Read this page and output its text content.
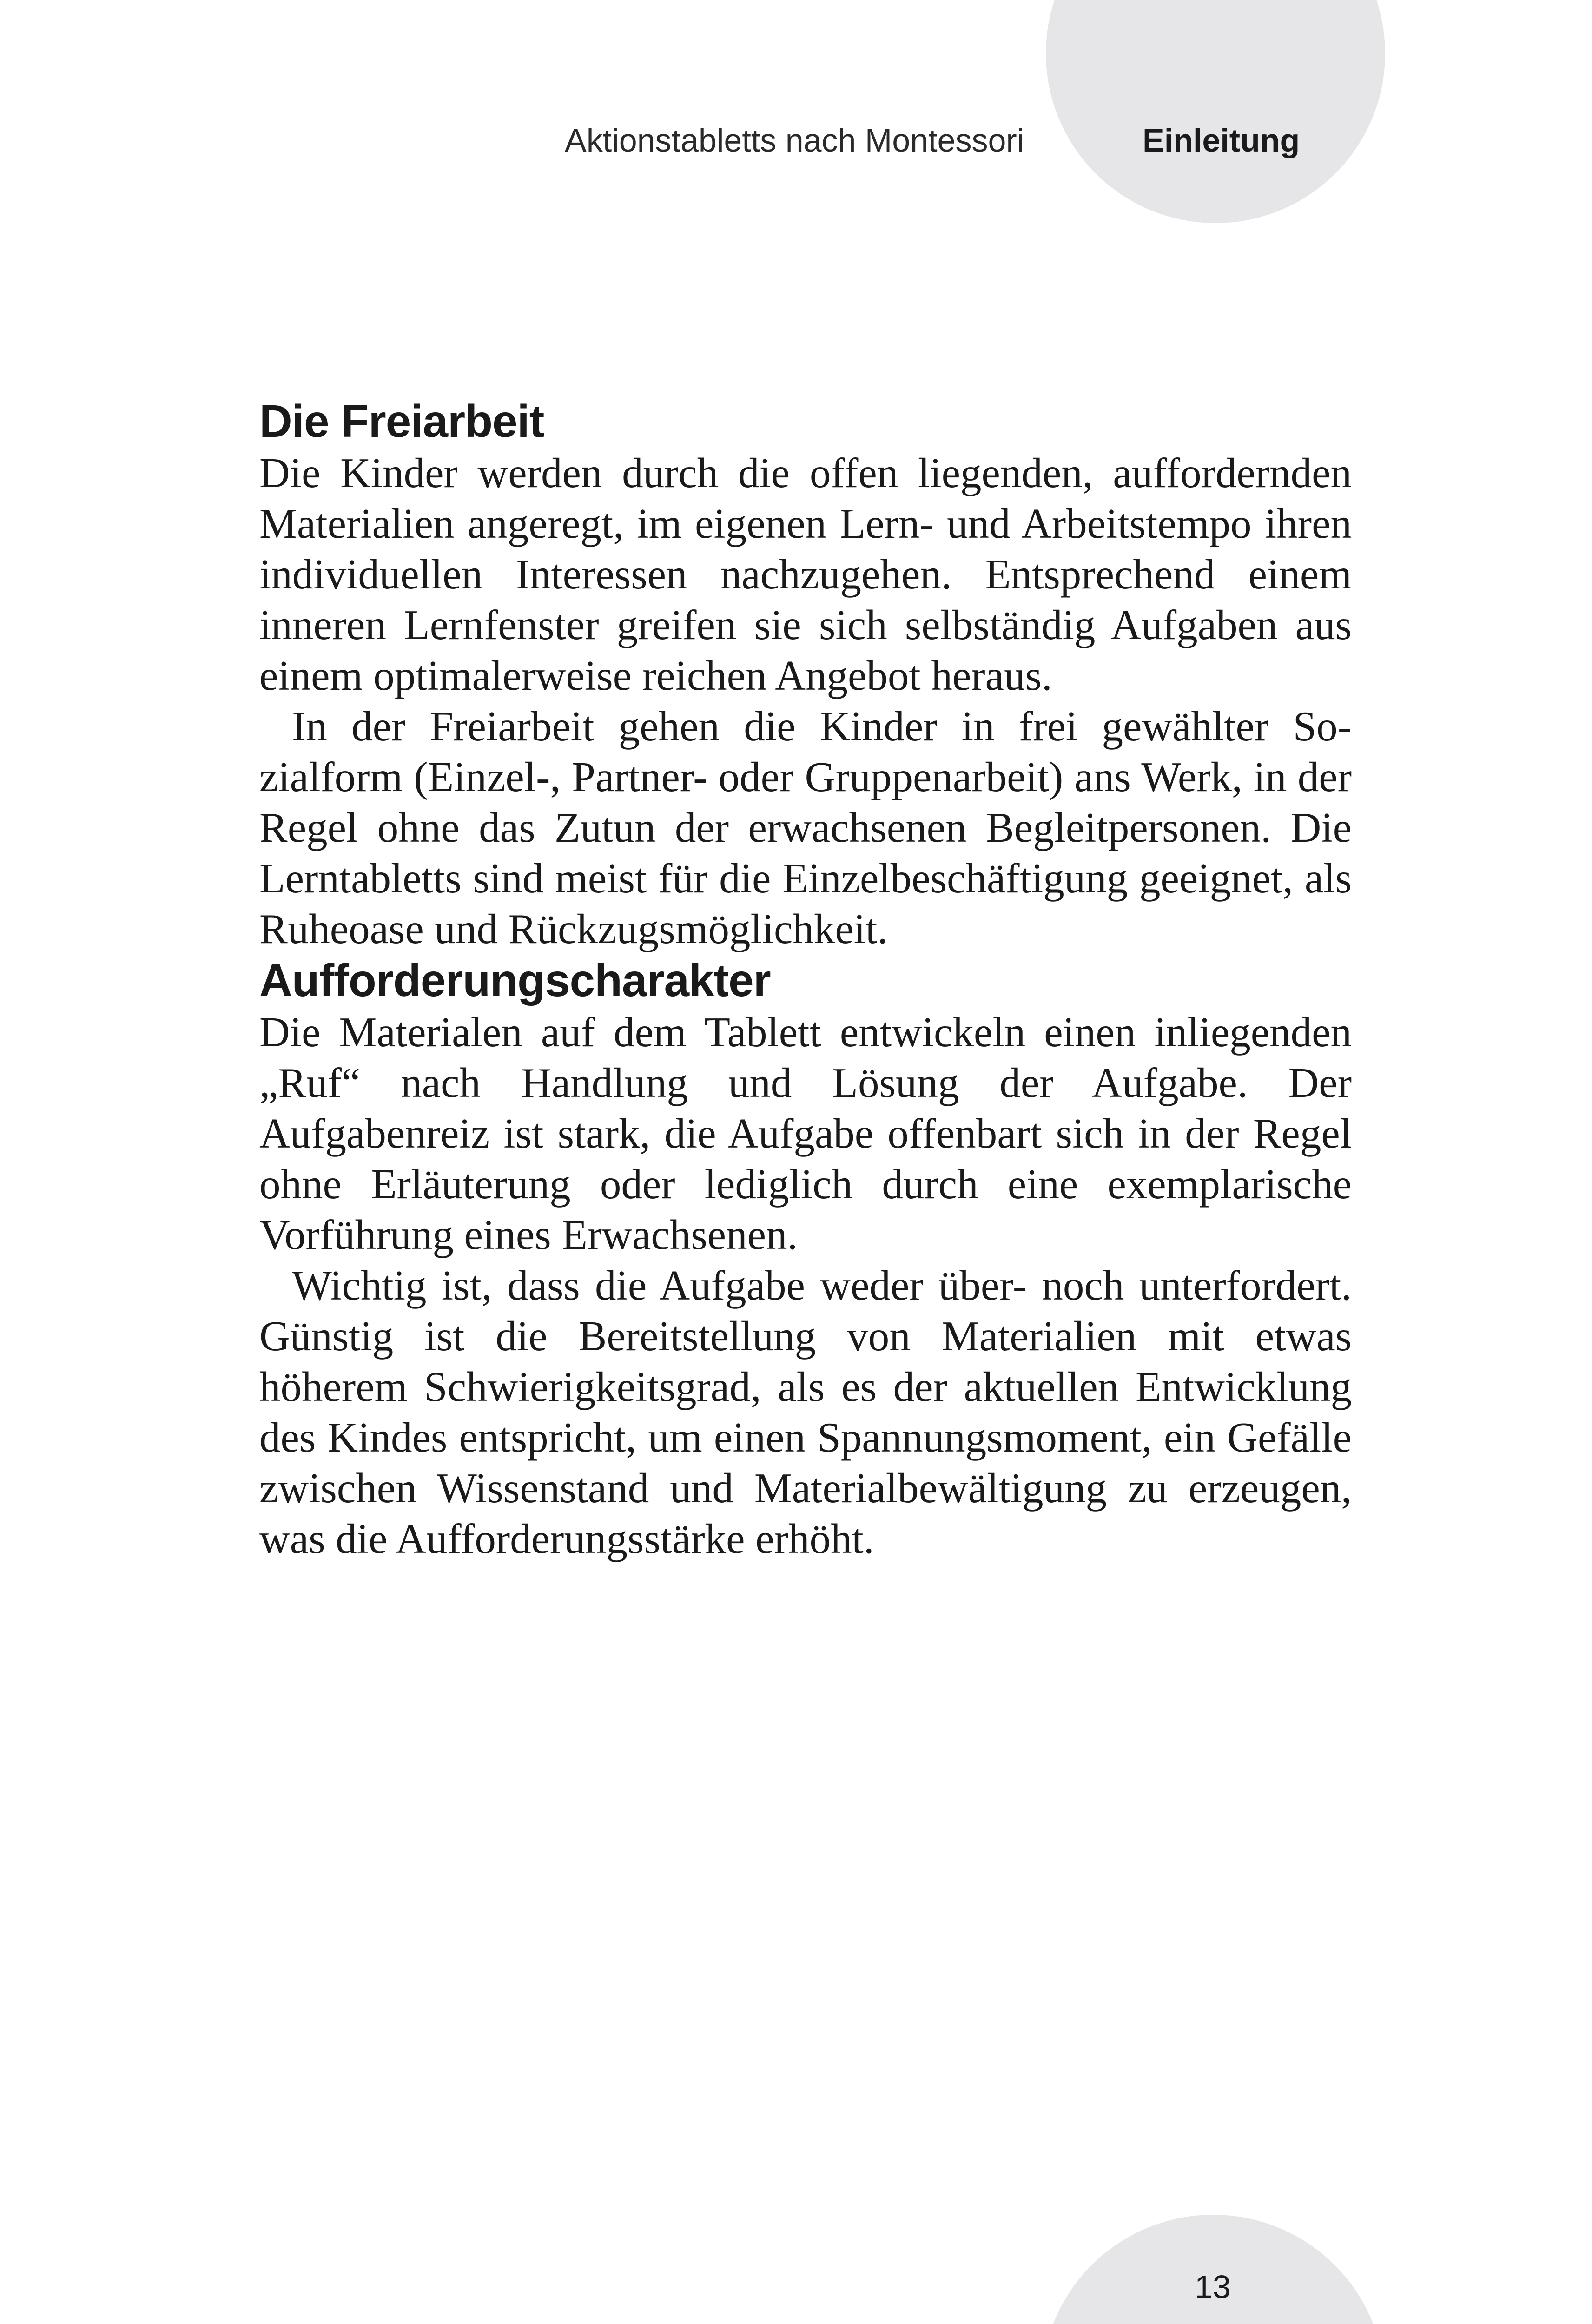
Aktionstabletts nach Montessori	Einleitung
Die Freiarbeit

Die Kinder werden durch die offen liegenden, auffordernden Materialien angeregt, im eigenen Lern- und Arbeitstempo ihren individuellen Interessen nachzugehen. Entsprechend einem inneren Lernfenster greifen sie sich selbständig Aufgaben aus einem optimalerweise reichen Angebot heraus.

In der Freiarbeit gehen die Kinder in frei gewählter Sozialform (Einzel-, Partner- oder Gruppenarbeit) ans Werk, in der Regel ohne das Zutun der erwachsenen Begleitpersonen. Die Lerntabletts sind meist für die Einzelbeschäftigung geeignet, als Ruheoase und Rückzugsmöglichkeit.

Aufforderungscharakter

Die Materialen auf dem Tablett entwickeln einen inliegenden „Ruf“ nach Handlung und Lösung der Aufgabe. Der Aufgabenreiz ist stark, die Aufgabe offenbart sich in der Regel ohne Erläuterung oder lediglich durch eine exemplarische Vorführung eines Erwachsenen.

Wichtig ist, dass die Aufgabe weder über- noch unterfordert. Günstig ist die Bereitstellung von Materialien mit etwas höherem Schwierigkeitsgrad, als es der aktuellen Entwicklung des Kindes entspricht, um einen Spannungsmoment, ein Gefälle zwischen Wissenstand und Materialbewältigung zu erzeugen, was die Aufforderungsstärke erhöht.

13
